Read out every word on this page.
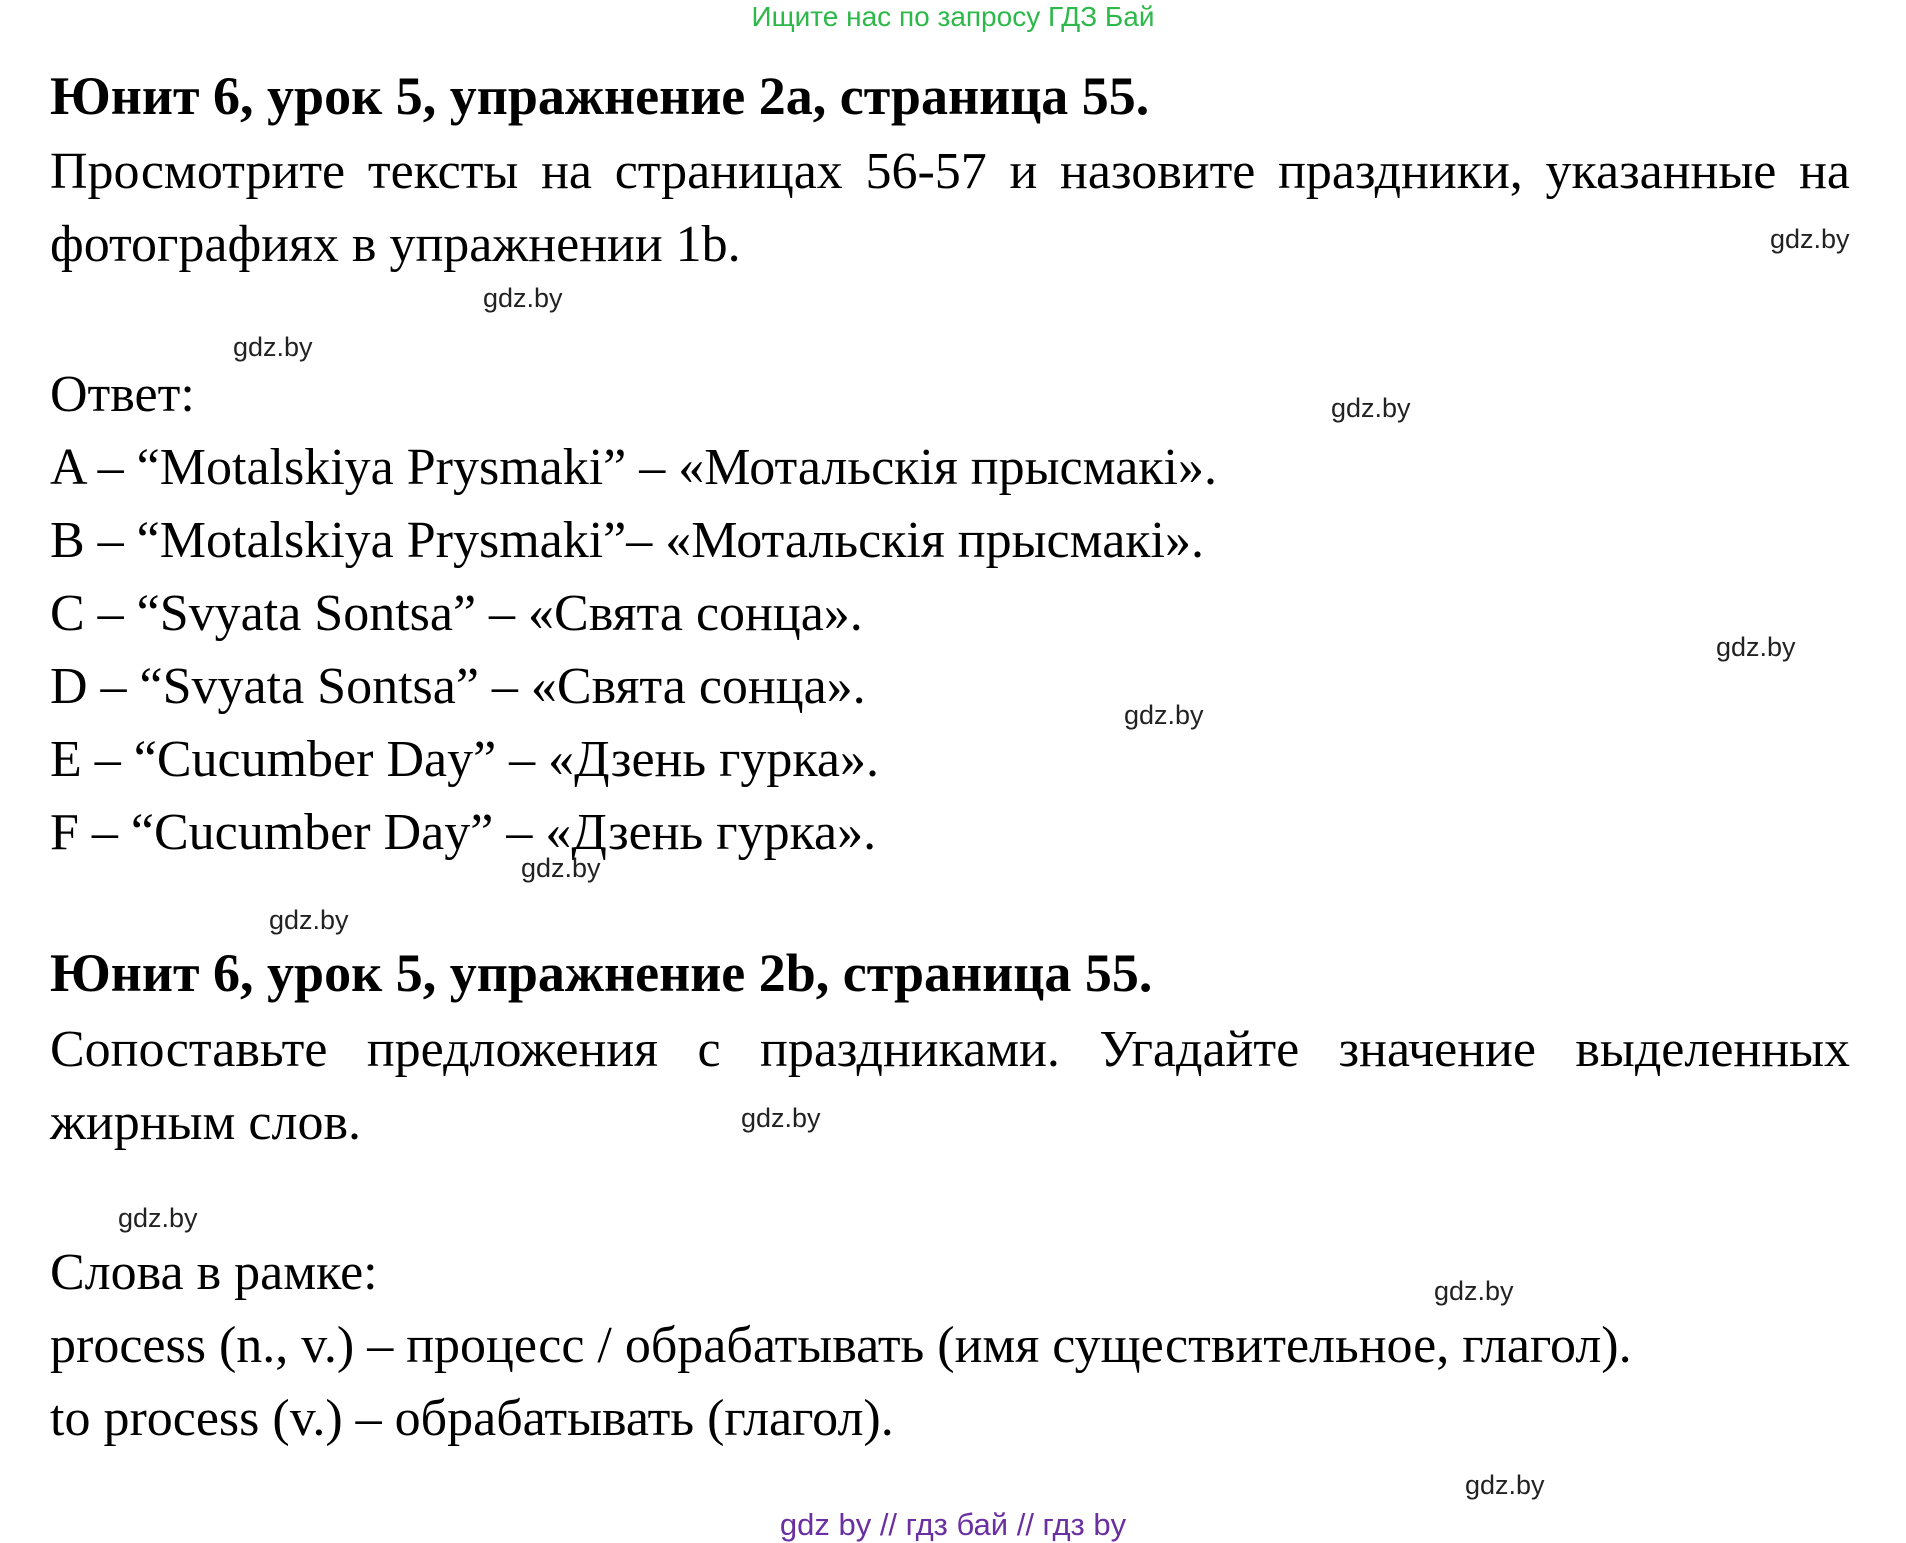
Ищите нас по запросу ГДЗ Бай
Юнит 6, урок 5, упражнение 2a, страница 55.
Просмотрите тексты на страницах 56-57 и назовите праздники, указанные на фотографиях в упражнении 1b.
Ответ:
A – “Motalskiya Prysmaki” – «Мотальскія прысмакі».
B – “Motalskiya Prysmaki”– «Мотальскія прысмакі».
C – “Svyata Sontsa” – «Свята сонца».
D – “Svyata Sontsa” – «Свята сонца».
E – “Cucumber Day” – «Дзень гурка».
F – “Cucumber Day” – «Дзень гурка».
Юнит 6, урок 5, упражнение 2b, страница 55.
Сопоставьте предложения с праздниками. Угадайте значение выделенных жирным слов.
Слова в рамке:
process (n., v.) – процесс / обрабатывать (имя существительное, глагол).
to process (v.) – обрабатывать (глагол).
gdz.by
gdz.by
gdz.by
gdz.by
gdz.by
gdz.by
gdz.by
gdz.by
gdz.by
gdz.by
gdz.by
gdz.by
gdz by // гдз бай // гдз by
